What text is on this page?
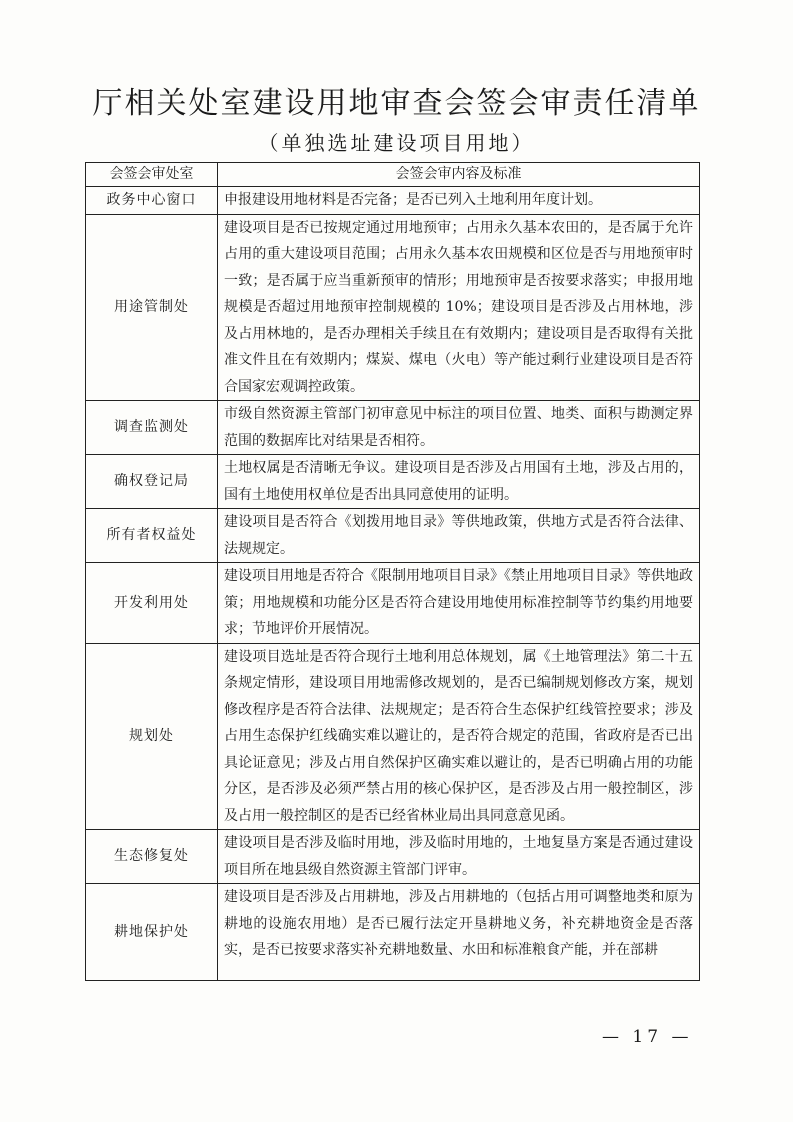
厅相关处室建设用地审查会签会审责任清单
（单独选址建设项目用地）
会签会审处室	会签会审内容及标准
政务中心窗口	申报建设用地材料是否完备；是否已列入土地利用年度计划。
用途管制处	建设项目是否已按规定通过用地预审；占用永久基本农田的，是否属于允许占用的重大建设项目范围；占用永久基本农田规模和区位是否与用地预审时一致；是否属于应当重新预审的情形；用地预审是否按要求落实；申报用地规模是否超过用地预审控制规模的 10%；建设项目是否涉及占用林地，涉及占用林地的，是否办理相关手续且在有效期内；建设项目是否取得有关批准文件且在有效期内；煤炭、煤电（火电）等产能过剩行业建设项目是否符合国家宏观调控政策。
调查监测处	市级自然资源主管部门初审意见中标注的项目位置、地类、面积与勘测定界范围的数据库比对结果是否相符。
确权登记局	土地权属是否清晰无争议。建设项目是否涉及占用国有土地，涉及占用的，国有土地使用权单位是否出具同意使用的证明。
所有者权益处	建设项目是否符合《划拨用地目录》等供地政策，供地方式是否符合法律、法规规定。
开发利用处	建设项目用地是否符合《限制用地项目目录》《禁止用地项目目录》等供地政策；用地规模和功能分区是否符合建设用地使用标准控制等节约集约用地要求；节地评价开展情况。
规划处	建设项目选址是否符合现行土地利用总体规划，属《土地管理法》第二十五条规定情形，建设项目用地需修改规划的，是否已编制规划修改方案，规划修改程序是否符合法律、法规规定；是否符合生态保护红线管控要求；涉及占用生态保护红线确实难以避让的，是否符合规定的范围，省政府是否已出具论证意见；涉及占用自然保护区确实难以避让的，是否已明确占用的功能分区，是否涉及必须严禁占用的核心保护区，是否涉及占用一般控制区，涉及占用一般控制区的是否已经省林业局出具同意意见函。
生态修复处	建设项目是否涉及临时用地，涉及临时用地的，土地复垦方案是否通过建设项目所在地县级自然资源主管部门评审。
耕地保护处	建设项目是否涉及占用耕地，涉及占用耕地的（包括占用可调整地类和原为耕地的设施农用地）是否已履行法定开垦耕地义务，补充耕地资金是否落实，是否已按要求落实补充耕地数量、水田和标准粮食产能，并在部耕
— 17 —
